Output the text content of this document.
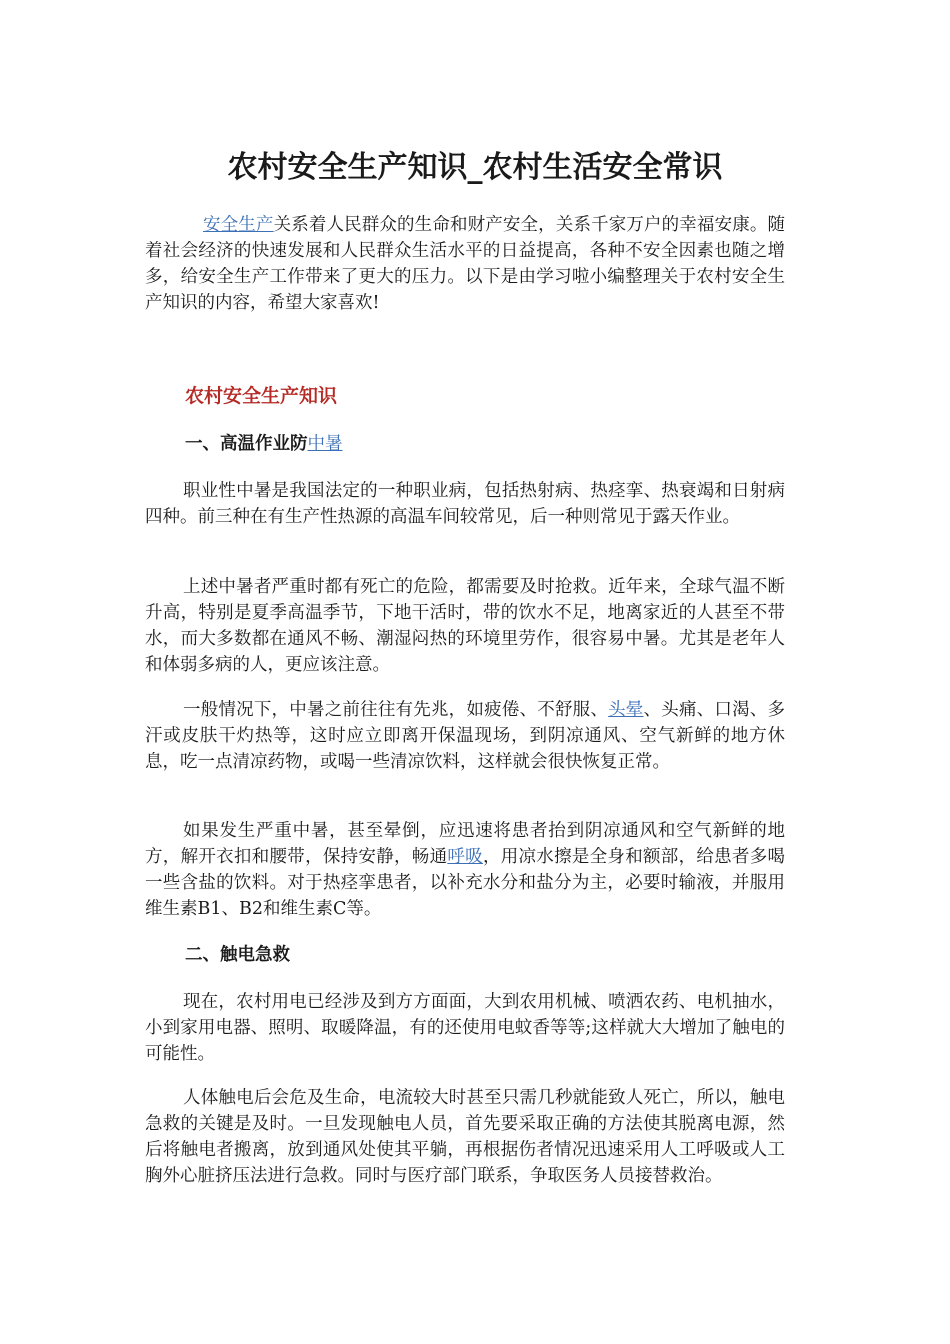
农村安全生产知识_农村生活安全常识

安全生产关系着人民群众的生命和财产安全，关系千家万户的幸福安康。随着社会经济的快速发展和人民群众生活水平的日益提高，各种不安全因素也随之增多，给安全生产工作带来了更大的压力。以下是由学习啦小编整理关于农村安全生产知识的内容，希望大家喜欢!

农村安全生产知识
一、高温作业防中暑

职业性中暑是我国法定的一种职业病，包括热射病、热痉挛、热衰竭和日射病四种。前三种在有生产性热源的高温车间较常见，后一种则常见于露天作业。

上述中暑者严重时都有死亡的危险，都需要及时抢救。近年来，全球气温不断升高，特别是夏季高温季节，下地干活时，带的饮水不足，地离家近的人甚至不带水，而大多数都在通风不畅、潮湿闷热的环境里劳作，很容易中暑。尤其是老年人和体弱多病的人，更应该注意。

一般情况下，中暑之前往往有先兆，如疲倦、不舒服、头晕、头痛、口渴、多汗或皮肤干灼热等，这时应立即离开保温现场，到阴凉通风、空气新鲜的地方休息，吃一点清凉药物，或喝一些清凉饮料，这样就会很快恢复正常。

如果发生严重中暑，甚至晕倒，应迅速将患者抬到阴凉通风和空气新鲜的地方，解开衣扣和腰带，保持安静，畅通呼吸，用凉水擦是全身和额部，给患者多喝一些含盐的饮料。对于热痉挛患者，以补充水分和盐分为主，必要时输液，并服用维生素B1、B2和维生素C等。

二、触电急救

现在，农村用电已经涉及到方方面面，大到农用机械、喷洒农药、电机抽水，小到家用电器、照明、取暖降温，有的还使用电蚊香等等;这样就大大增加了触电的可能性。

人体触电后会危及生命，电流较大时甚至只需几秒就能致人死亡，所以，触电急救的关键是及时。一旦发现触电人员，首先要采取正确的方法使其脱离电源，然后将触电者搬离，放到通风处使其平躺，再根据伤者情况迅速采用人工呼吸或人工胸外心脏挤压法进行急救。同时与医疗部门联系，争取医务人员接替救治。
